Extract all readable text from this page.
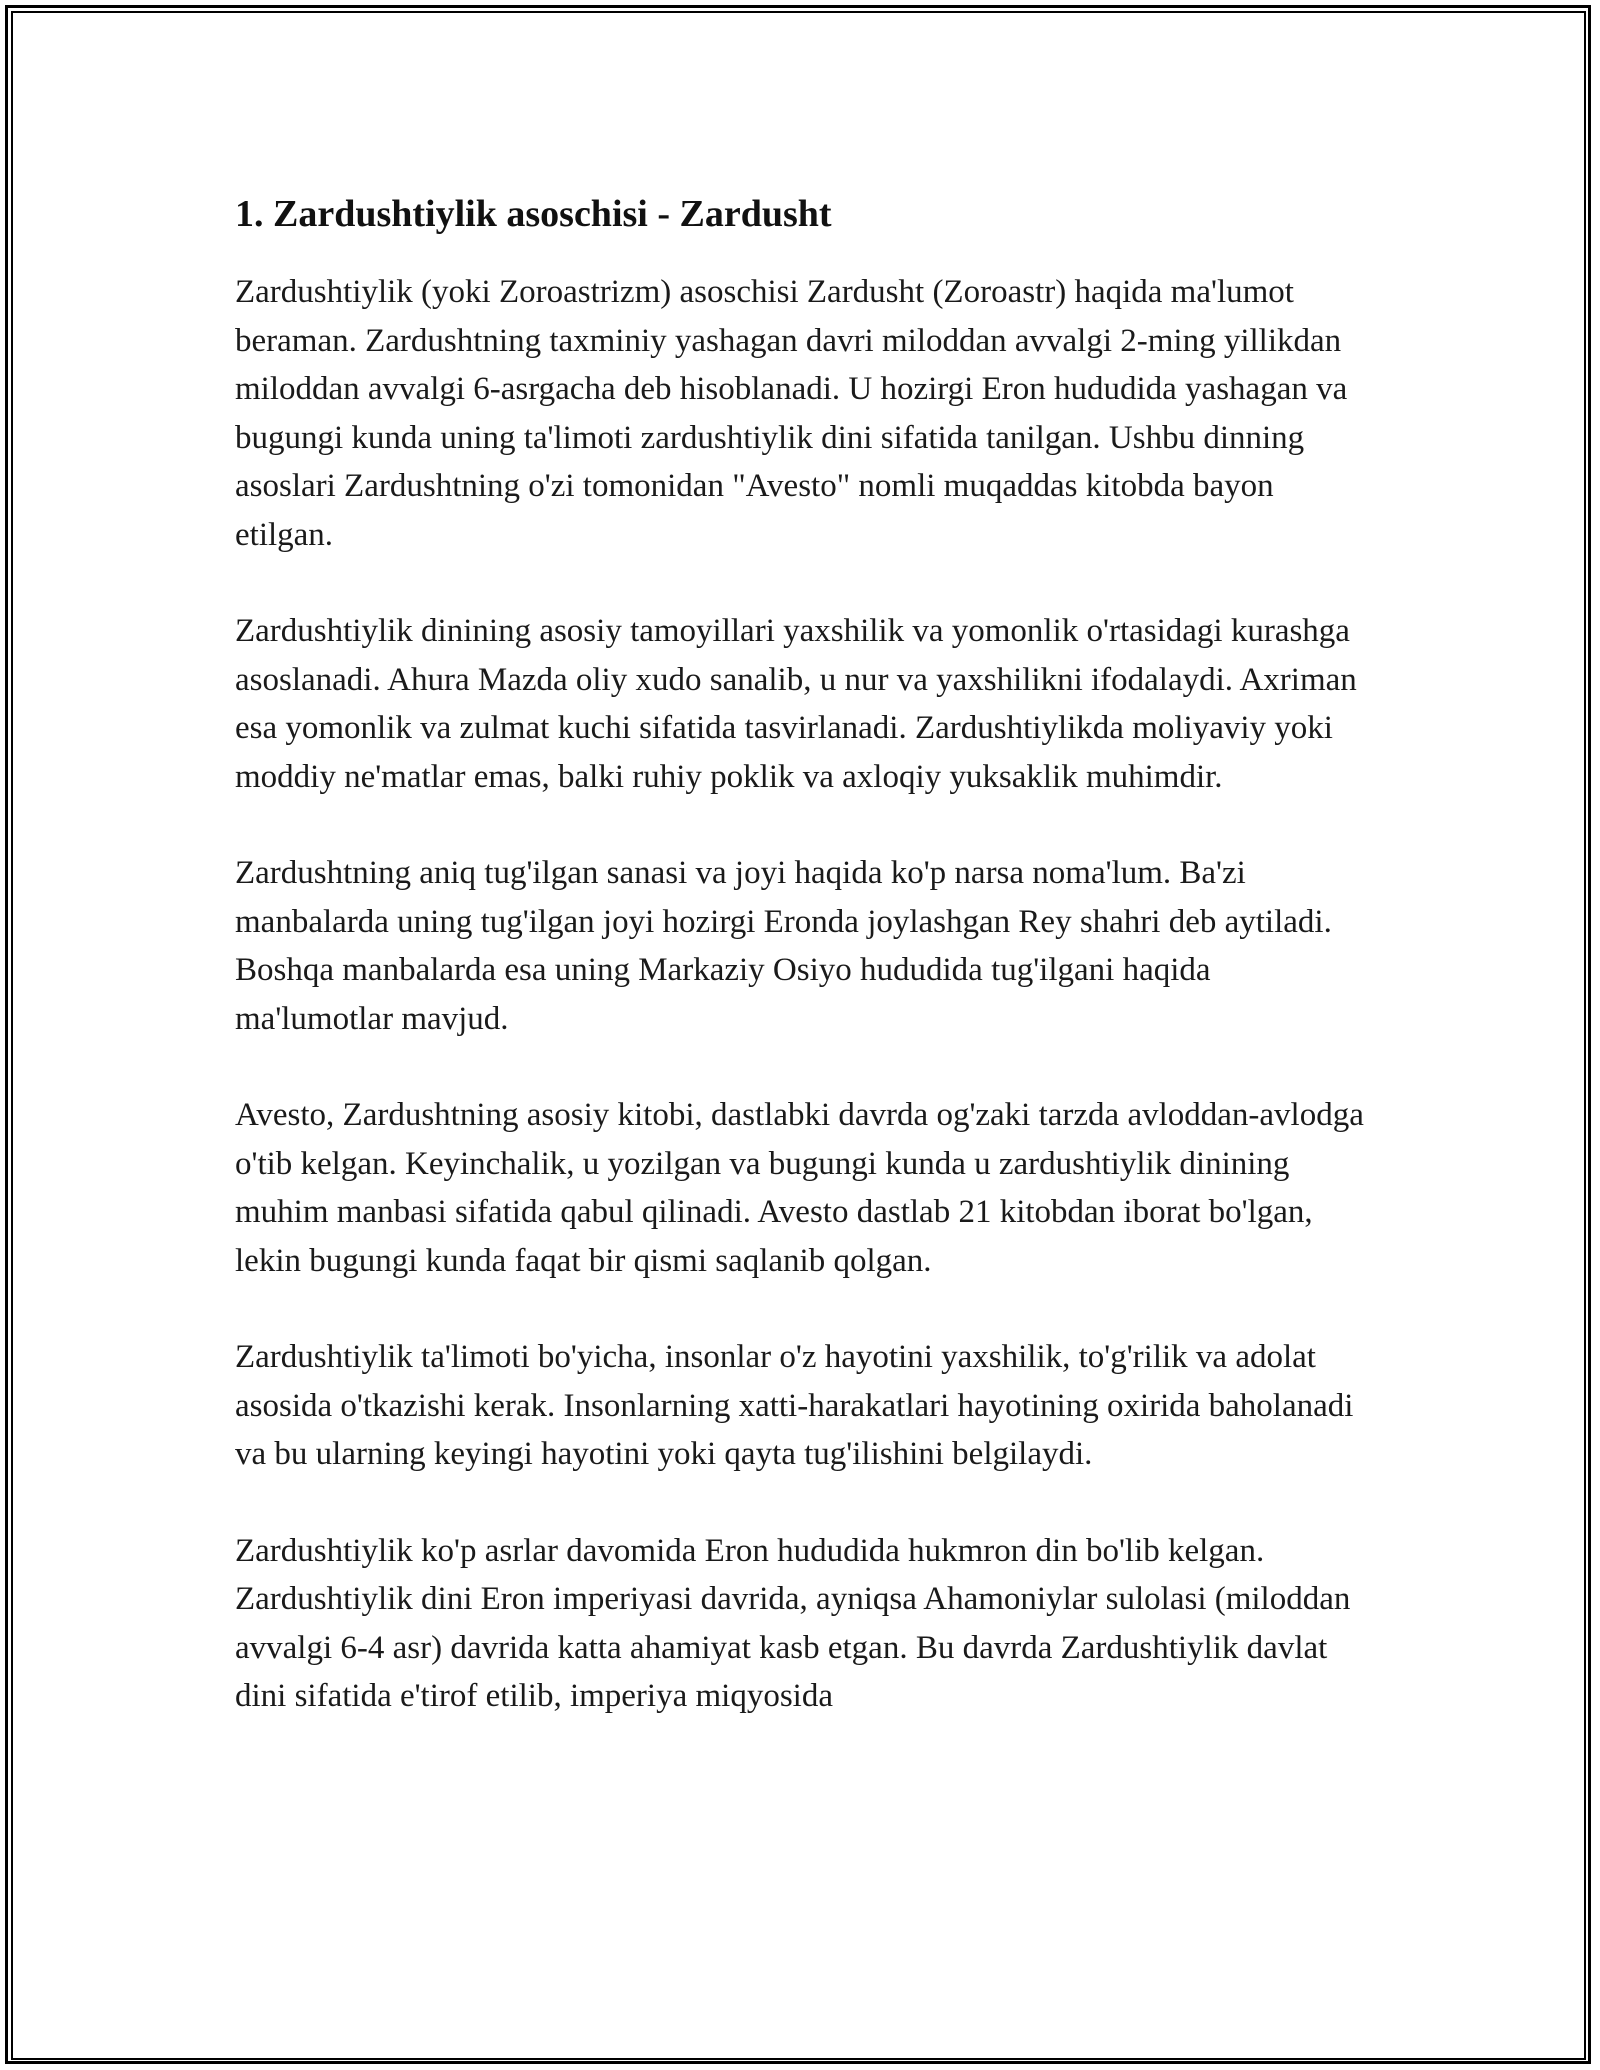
1. Zardushtiylik asoschisi - Zardusht

Zardushtiylik (yoki Zoroastrizm) asoschisi Zardusht (Zoroastr) haqida ma'lumot beraman. Zardushtning taxminiy yashagan davri miloddan avvalgi 2-ming yillikdan miloddan avvalgi 6-asrgacha deb hisoblanadi. U hozirgi Eron hududida yashagan va bugungi kunda uning ta'limoti zardushtiylik dini sifatida tanilgan. Ushbu dinning asoslari Zardushtning o'zi tomonidan "Avesto" nomli muqaddas kitobda bayon etilgan.

Zardushtiylik dinining asosiy tamoyillari yaxshilik va yomonlik o'rtasidagi kurashga asoslanadi. Ahura Mazda oliy xudo sanalib, u nur va yaxshilikni ifodalaydi. Axriman esa yomonlik va zulmat kuchi sifatida tasvirlanadi. Zardushtiylikda moliyaviy yoki moddiy ne'matlar emas, balki ruhiy poklik va axloqiy yuksaklik muhimdir.

Zardushtning aniq tug'ilgan sanasi va joyi haqida ko'p narsa noma'lum. Ba'zi manbalarda uning tug'ilgan joyi hozirgi Eronda joylashgan Rey shahri deb aytiladi. Boshqa manbalarda esa uning Markaziy Osiyo hududida tug'ilgani haqida ma'lumotlar mavjud.

Avesto, Zardushtning asosiy kitobi, dastlabki davrda og'zaki tarzda avloddan-avlodga o'tib kelgan. Keyinchalik, u yozilgan va bugungi kunda u zardushtiylik dinining muhim manbasi sifatida qabul qilinadi. Avesto dastlab 21 kitobdan iborat bo'lgan, lekin bugungi kunda faqat bir qismi saqlanib qolgan.

Zardushtiylik ta'limoti bo'yicha, insonlar o'z hayotini yaxshilik, to'g'rilik va adolat asosida o'tkazishi kerak. Insonlarning xatti-harakatlari hayotining oxirida baholanadi va bu ularning keyingi hayotini yoki qayta tug'ilishini belgilaydi.

Zardushtiylik ko'p asrlar davomida Eron hududida hukmron din bo'lib kelgan. Zardushtiylik dini Eron imperiyasi davrida, ayniqsa Ahamoniylar sulolasi (miloddan avvalgi 6-4 asr) davrida katta ahamiyat kasb etgan. Bu davrda Zardushtiylik davlat dini sifatida e'tirof etilib, imperiya miqyosida
